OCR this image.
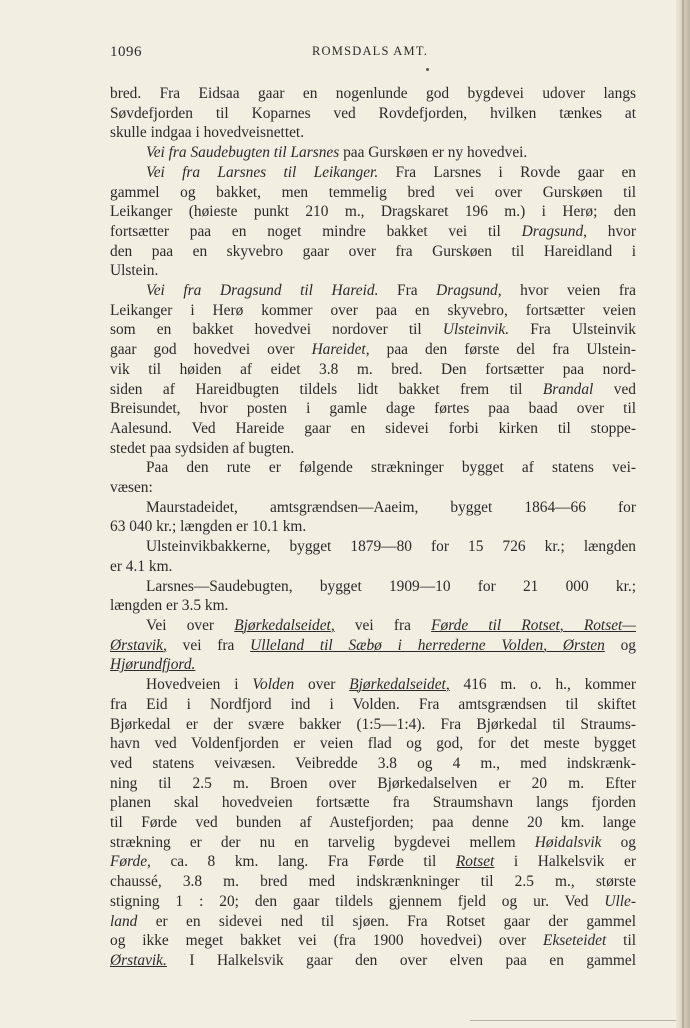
1096	ROMSDALS AMT.

bred. Fra Eidsaa gaar en nogenlunde god bygdevei udover langs
Søvdefjorden til Koparnes ved Rovdefjorden, hvilken tænkes at
skulle indgaa i hovedveisnettet.

Vei fra Saudebugten til Larsnes paa Gurskøen er ny hovedvei.

Vei fra Larsnes til Leikanger. Fra Larsnes i Rovde gaar en
gammel og bakket, men temmelig bred vei over Gurskøen til
Leikanger (høieste punkt 210 m., Dragskaret 196 m.) i Herø; den
fortsætter paa en noget mindre bakket vei til Dragsund, hvor
den paa en skyvebro gaar over fra Gurskøen til Hareidland i
Ulstein.

Vei fra Dragsund til Hareid. Fra Dragsund, hvor veien fra
Leikanger i Herø kommer over paa en skyvebro, fortsætter veien
som en bakket hovedvei nordover til Ulsteinvik. Fra Ulsteinvik
gaar god hovedvei over Hareidet, paa den første del fra Ulstein-
vik til høiden af eidet 3.8 m. bred. Den fortsætter paa nord-
siden af Hareidbugten tildels lidt bakket frem til Brandal ved
Breisundet, hvor posten i gamle dage førtes paa baad over til
Aalesund. Ved Hareide gaar en sidevei forbi kirken til stoppe-
stedet paa sydsiden af bugten.

Paa den rute er følgende strækninger bygget af statens vei-
væsen:

Maurstadeidet, amtsgrændsen—Aaeim, bygget 1864—66 for
63 040 kr.; længden er 10.1 km.

Ulsteinvikbakkerne, bygget 1879—80 for 15 726 kr.; længden
er 4.1 km.

Larsnes—Saudebugten, bygget 1909—10 for 21 000 kr.;
længden er 3.5 km.

Vei over Bjørkedalseidet, vei fra Førde til Rotset, Rotset—
Ørstavik, vei fra Ulleland til Sæbø i herrederne Volden, Ørsten og
Hjørundfjord.

Hovedveien i Volden over Bjørkedalseidet, 416 m. o. h., kommer
fra Eid i Nordfjord ind i Volden. Fra amtsgrændsen til skiftet
Bjørkedal er der svære bakker (1:5—1:4). Fra Bjørkedal til Straums-
havn ved Voldenfjorden er veien flad og god, for det meste bygget
ved statens veivæsen. Veibredde 3.8 og 4 m., med indskrænk-
ning til 2.5 m. Broen over Bjørkedalselven er 20 m. Efter
planen skal hovedveien fortsætte fra Straumshavn langs fjorden
til Førde ved bunden af Austefjorden; paa denne 20 km. lange
strækning er der nu en tarvelig bygdevei mellem Høidalsvik og
Førde, ca. 8 km. lang. Fra Førde til Rotset i Halkelsvik er
chaussé, 3.8 m. bred med indskrænkninger til 2.5 m., største
stigning 1 : 20; den gaar tildels gjennem fjeld og ur. Ved Ulle-
land er en sidevei ned til sjøen. Fra Rotset gaar der gammel
og ikke meget bakket vei (fra 1900 hovedvei) over Ekseteidet til
Ørstavik. I Halkelsvik gaar den over elven paa en gammel
